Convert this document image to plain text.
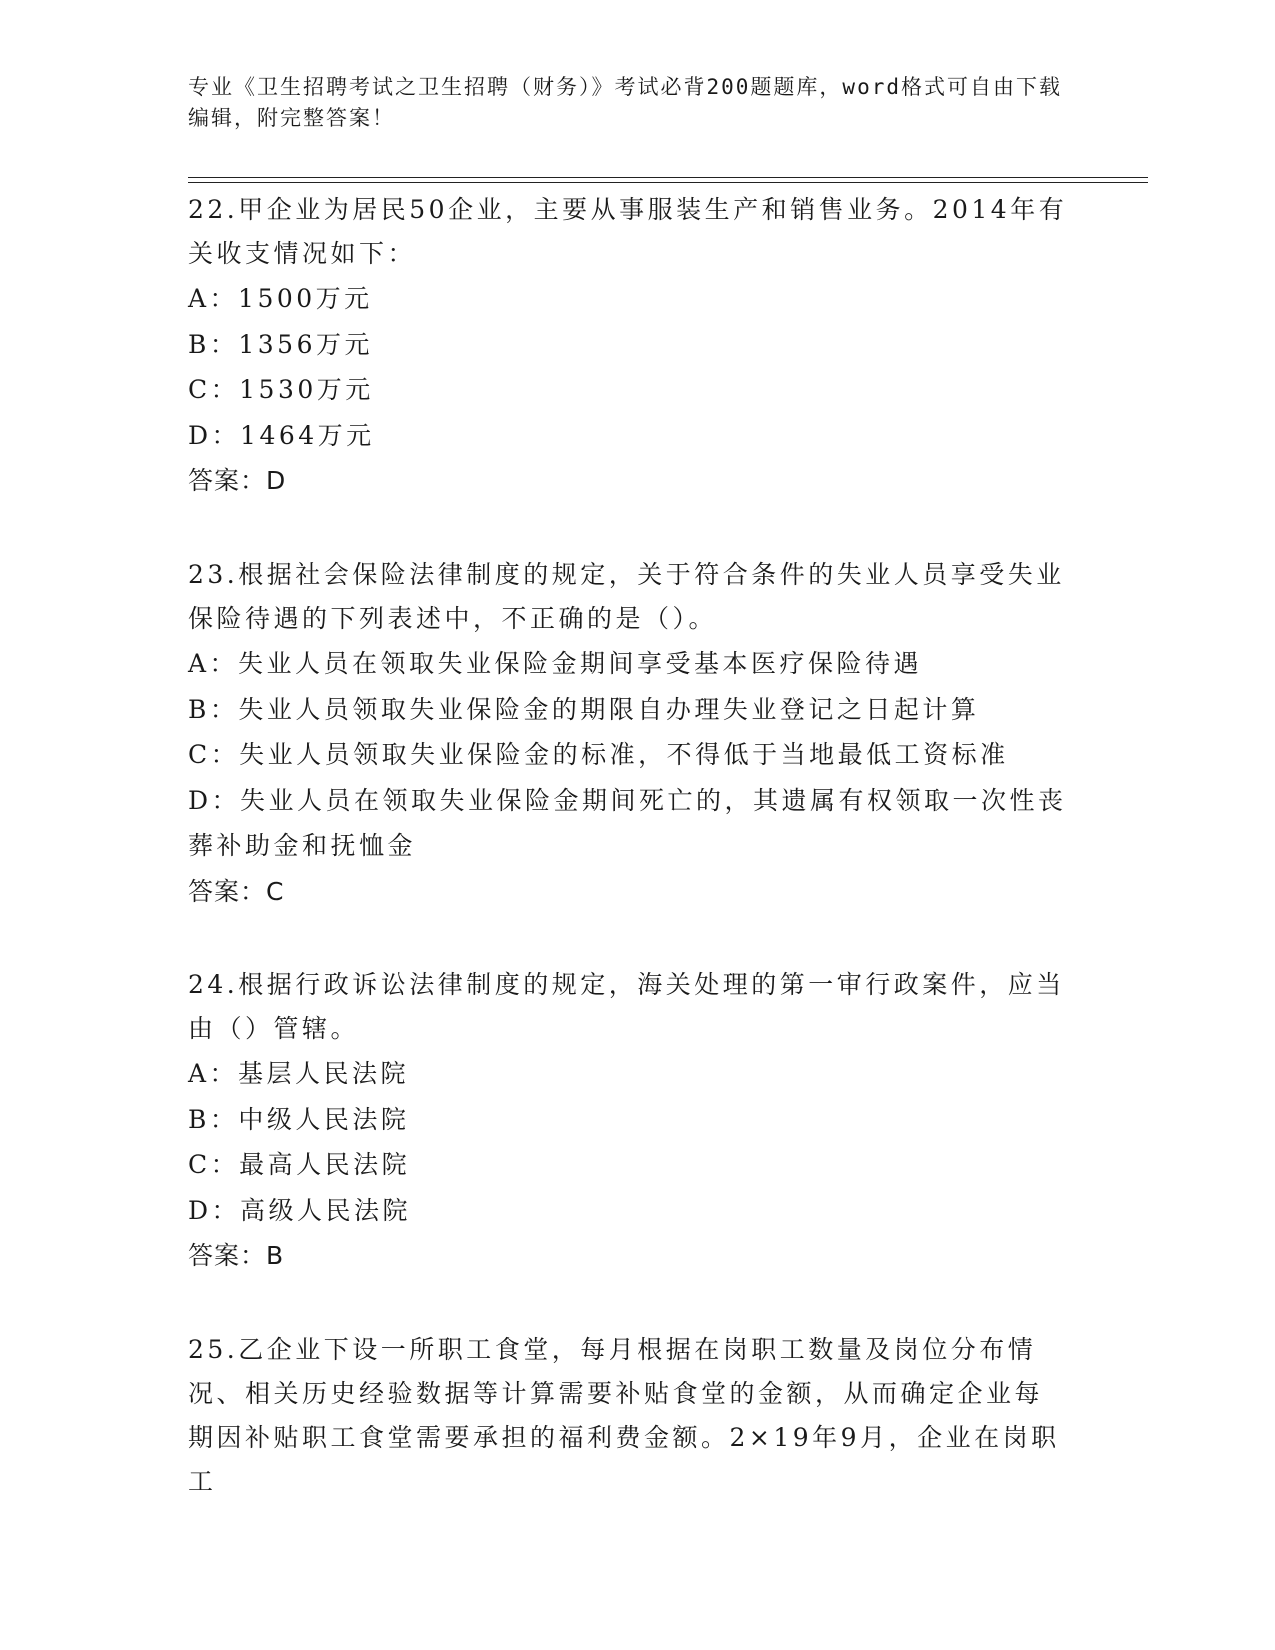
专业《卫生招聘考试之卫生招聘（财务）》考试必背200题题库，word格式可自由下载编辑，附完整答案！

22.甲企业为居民50企业，主要从事服装生产和销售业务。2014年有关收支情况如下：

A：1500万元

B：1356万元

C：1530万元

D：1464万元

答案：D

23.根据社会保险法律制度的规定，关于符合条件的失业人员享受失业保险待遇的下列表述中，不正确的是（）。

A：失业人员在领取失业保险金期间享受基本医疗保险待遇

B：失业人员领取失业保险金的期限自办理失业登记之日起计算

C：失业人员领取失业保险金的标准，不得低于当地最低工资标准

D：失业人员在领取失业保险金期间死亡的，其遗属有权领取一次性丧葬补助金和抚恤金

答案：C

24.根据行政诉讼法律制度的规定，海关处理的第一审行政案件，应当由（）管辖。

A：基层人民法院

B：中级人民法院

C：最高人民法院

D：高级人民法院

答案：B

25.乙企业下设一所职工食堂，每月根据在岗职工数量及岗位分布情况、相关历史经验数据等计算需要补贴食堂的金额，从而确定企业每期因补贴职工食堂需要承担的福利费金额。2×19年9月，企业在岗职工
